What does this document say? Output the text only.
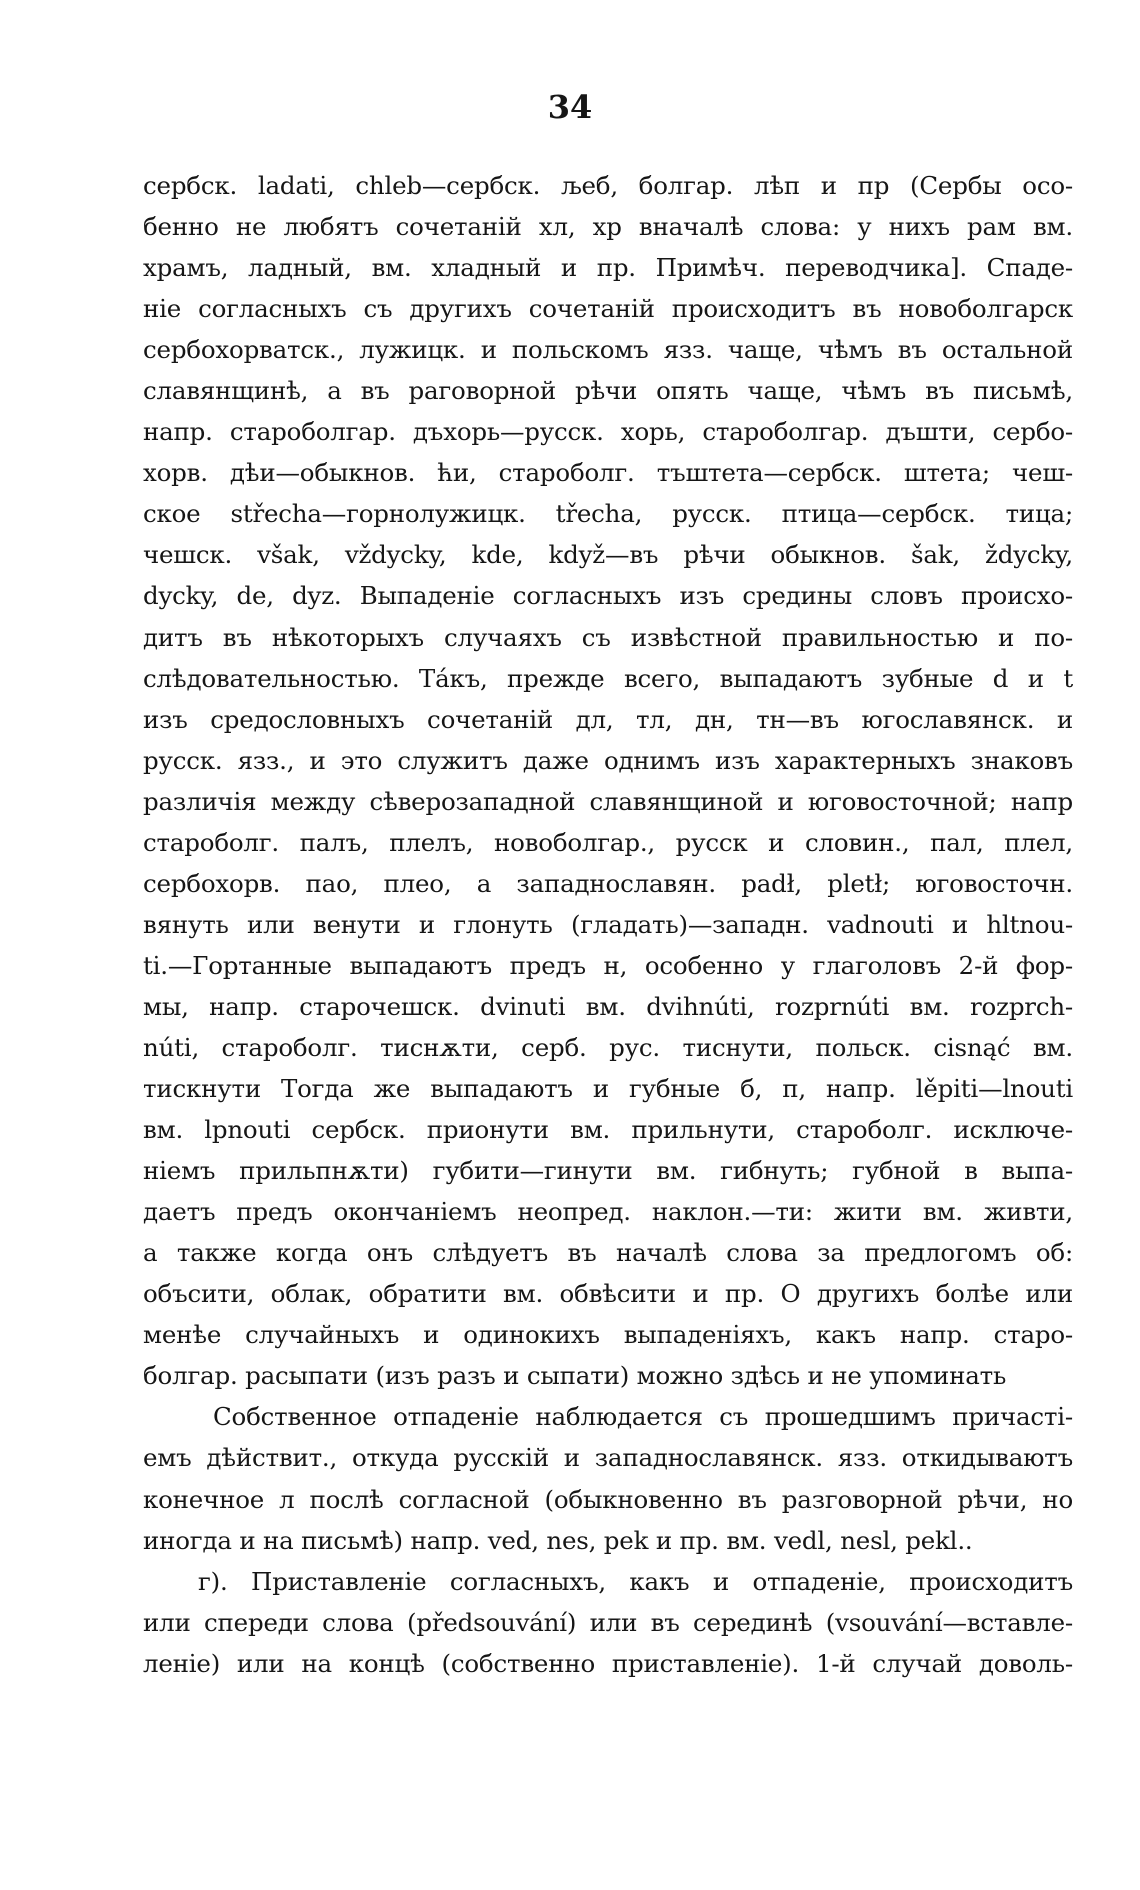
34
сербск. ladati, chleb—сербск. љеб, болгар. лѣп и пр (Сербы осо-
бенно не любятъ сочетаній хл, хр вначалѣ слова: у нихъ рам вм.
храмъ, ладный, вм. хладный и пр. Примѣч. переводчика]. Спаде-
ніе согласныхъ съ другихъ сочетаній происходитъ въ новоболгарск
сербохорватск., лужицк. и польскомъ язз. чаще, чѣмъ въ остальной
славянщинѣ, а въ раговорной рѣчи опять чаще, чѣмъ въ письмѣ,
напр. староболгар. дъхорь—русск. хорь, староболгар. дъшти, сербо-
хорв. дѣи—обыкнов. ћи, староболг. тъштета—сербск. штета; чеш-
ское střecha—горнолужицк. třecha, русск. птица—сербск. тица;
чешск. však, vždycky, kde, když—въ рѣчи обыкнов. šak, ždycky,
dycky, de, dyz. Выпаденіе согласныхъ изъ средины словъ происхо-
дитъ въ нѣкоторыхъ случаяхъ съ извѣстной правильностью и по-
слѣдовательностью. Та́къ, прежде всего, выпадаютъ зубные d и t
изъ средословныхъ сочетаній дл, тл, дн, тн—въ югославянск. и
русск. язз., и это служитъ даже однимъ изъ характерныхъ знаковъ
различія между сѣверозападной славянщиной и юговосточной; напр
староболг. палъ, плелъ, новоболгар., русск и словин., пал, плел,
сербохорв. пао, плео, а западнославян. padł, pletł; юговосточн.
вянуть или венути и глонуть (гладать)—западн. vadnouti и hltnou-
ti.—Гортанные выпадаютъ предъ н, особенно у глаголовъ 2-й фор-
мы, напр. старочешск. dvinuti вм. dvihnúti, rozprnúti вм. rozprch-
núti, староболг. тиснѫти, серб. рус. тиснути, польск. cisnąć вм.
тискнути Тогда же выпадаютъ и губные б, п, напр. lěpiti—lnouti
вм. lpnouti сербск. прионути вм. прильнути, староболг. исключе-
ніемъ прильпнѫти) губити—гинути вм. гибнуть; губной в выпа-
даетъ предъ окончаніемъ неопред. наклон.—ти: жити вм. живти,
а также когда онъ слѣдуетъ въ началѣ слова за предлогомъ об:
объсити, облак, обратити вм. обвѣсити и пр. О другихъ болѣе или
менѣе случайныхъ и одинокихъ выпаденіяхъ, какъ напр. старо-
болгар. расыпати (изъ разъ и сыпати) можно здѣсь и не упоминать
Собственное отпаденіе наблюдается съ прошедшимъ причасті-
емъ дѣйствит., откуда русскій и западнославянск. язз. откидываютъ
конечное л послѣ согласной (обыкновенно въ разговорной рѣчи, но
иногда и на письмѣ) напр. ved, nes, pek и пр. вм. vedl, nesl, pekl..
г). Приставленіе согласныхъ, какъ и отпаденіе, происходитъ
или спереди слова (předsouvání) или въ серединѣ (vsouvání—вставле-
леніе) или на концѣ (собственно приставленіе). 1-й случай доволь-
